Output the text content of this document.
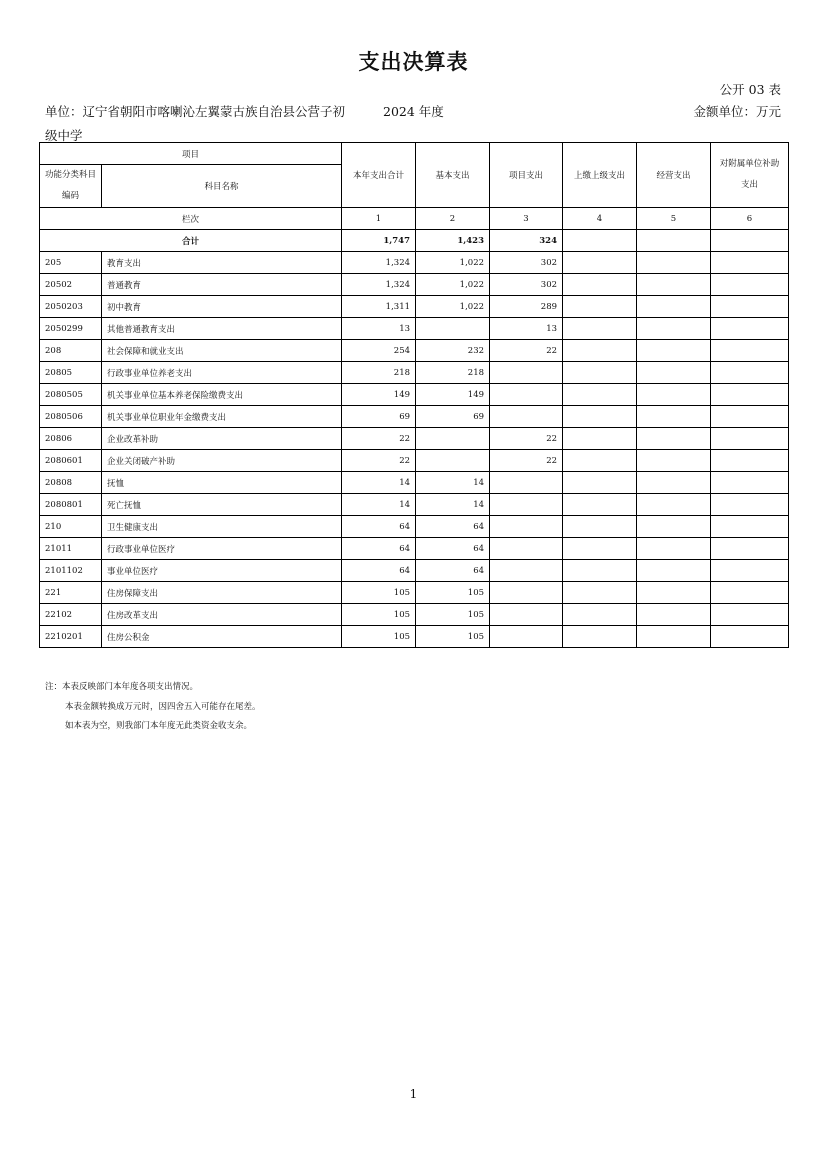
支出决算表
公开 03 表
单位：辽宁省朝阳市喀喇沁左翼蒙古族自治县公营子初级中学
2024 年度	金额单位：万元
项目		本年支出合计	基本支出	项目支出	上缴上级支出	经营支出	对附属单位补助支出
功能分类科目编码	科目名称						
栏次		1	2	3	4	5	6
合计		1,747	1,423	324			
205	教育支出	1,324	1,022	302			
20502	普通教育	1,324	1,022	302			
2050203	初中教育	1,311	1,022	289			
2050299	其他普通教育支出	13		13			
208	社会保障和就业支出	254	232	22			
20805	行政事业单位养老支出	218	218				
2080505	机关事业单位基本养老保险缴费支出	149	149				
2080506	机关事业单位职业年金缴费支出	69	69				
20806	企业改革补助	22		22			
2080601	企业关闭破产补助	22		22			
20808	抚恤	14	14				
2080801	死亡抚恤	14	14				
210	卫生健康支出	64	64				
21011	行政事业单位医疗	64	64				
2101102	事业单位医疗	64	64				
221	住房保障支出	105	105				
22102	住房改革支出	105	105				
2210201	住房公积金	105	105				
注：本表反映部门本年度各项支出情况。
本表金额转换成万元时，因四舍五入可能存在尾差。
如本表为空，则我部门本年度无此类资金收支余。
1
